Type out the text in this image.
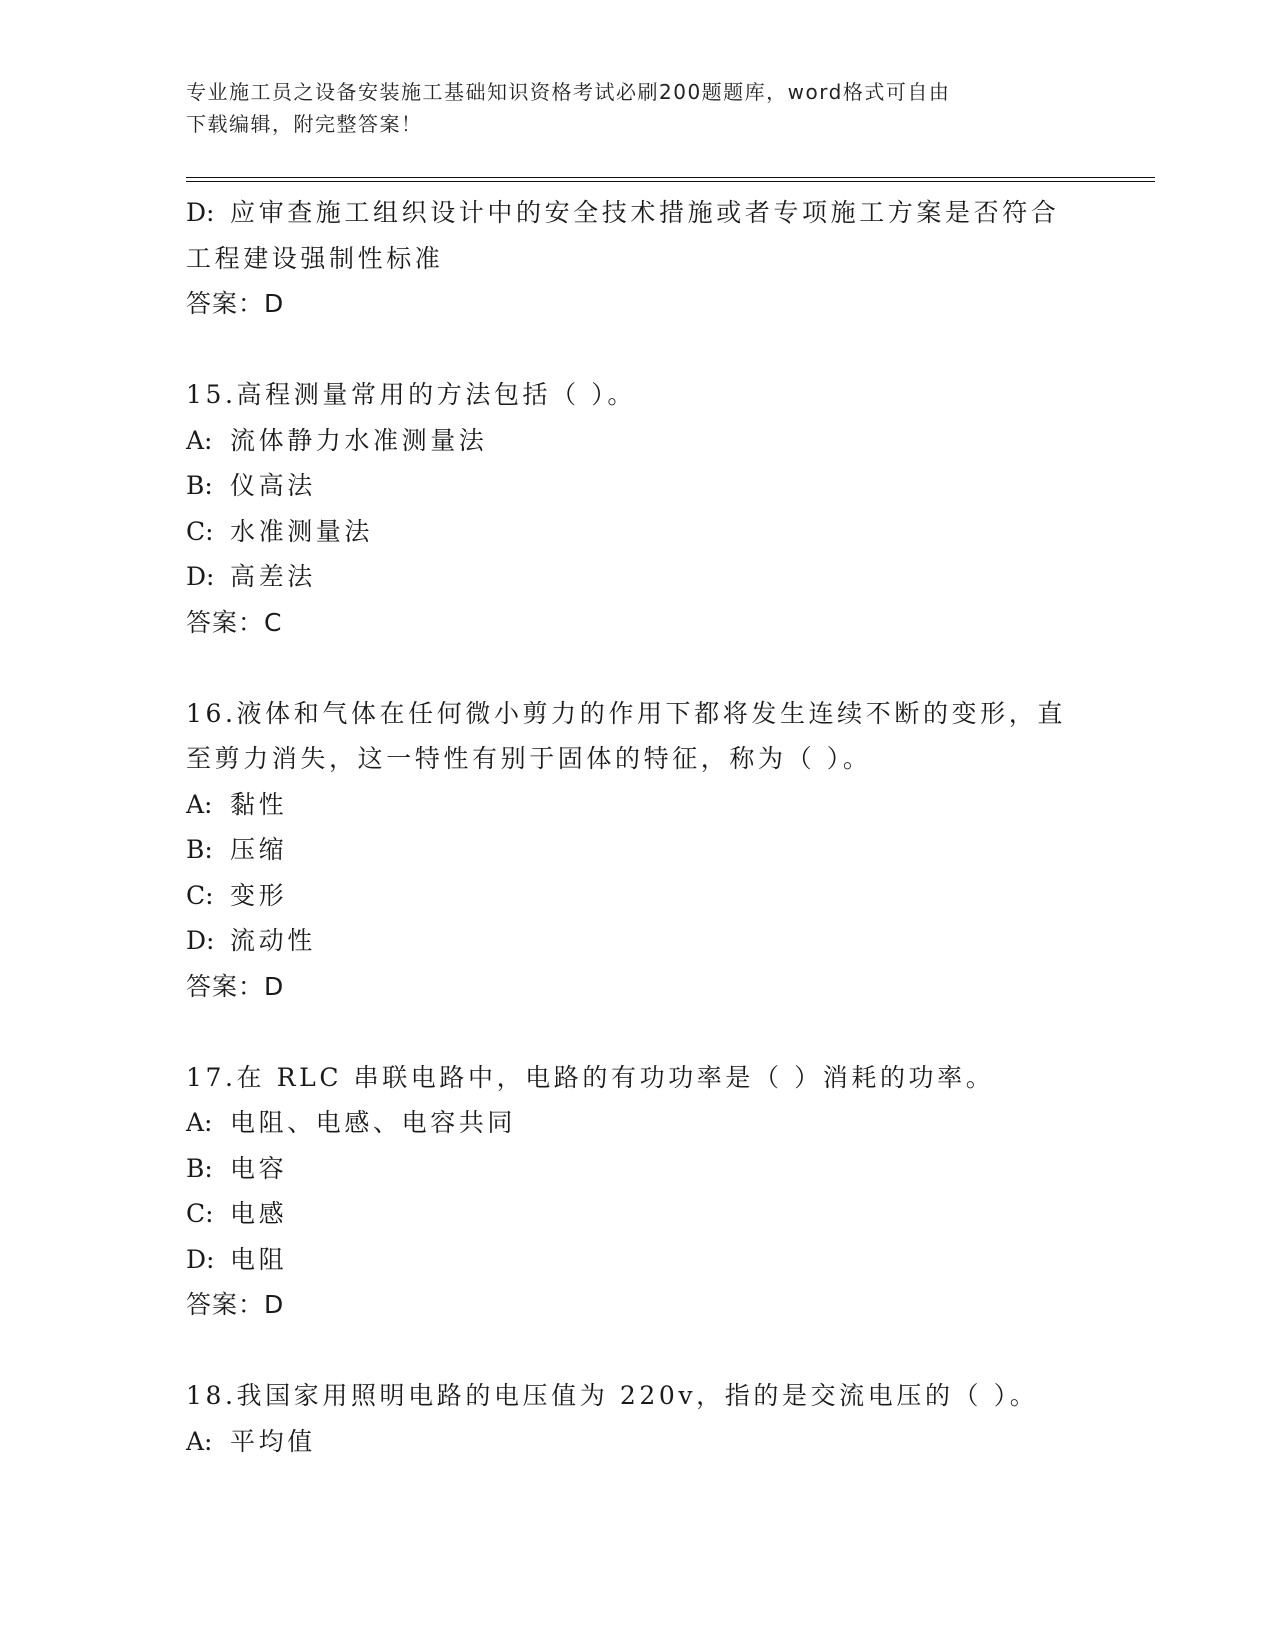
专业施工员之设备安装施工基础知识资格考试必刷200题题库，word格式可自由
下载编辑，附完整答案！
D: 应审查施工组织设计中的安全技术措施或者专项施工方案是否符合
工程建设强制性标准
答案：D
15.高程测量常用的方法包括（ ）。
A: 流体静力水准测量法
B: 仪高法
C: 水准测量法
D: 高差法
答案：C
16.液体和气体在任何微小剪力的作用下都将发生连续不断的变形，直
至剪力消失，这一特性有别于固体的特征，称为（ ）。
A: 黏性
B: 压缩
C: 变形
D: 流动性
答案：D
17.在 RLC 串联电路中，电路的有功功率是（ ）消耗的功率。
A: 电阻、电感、电容共同
B: 电容
C: 电感
D: 电阻
答案：D
18.我国家用照明电路的电压值为 220v，指的是交流电压的（ ）。
A: 平均值
